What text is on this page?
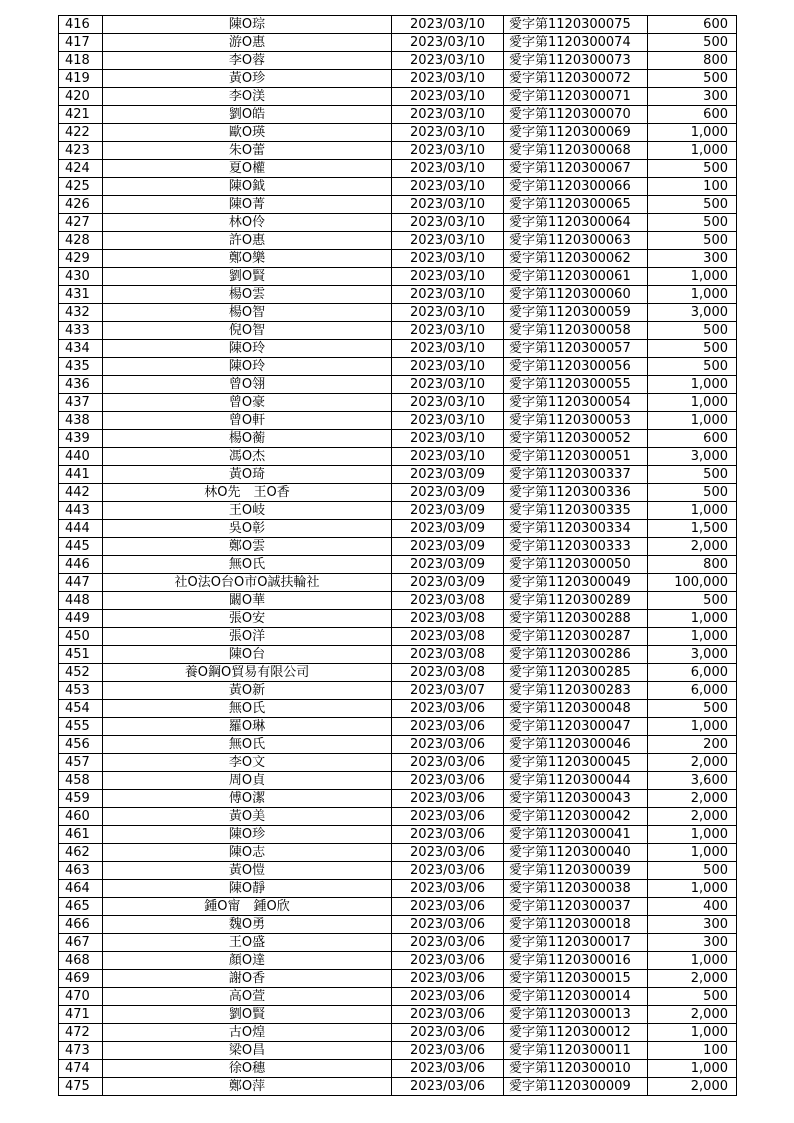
416	陳O琮	2023/03/10	愛字第1120300075	600
417	游O惠	2023/03/10	愛字第1120300074	500
418	李O蓉	2023/03/10	愛字第1120300073	800
419	黃O珍	2023/03/10	愛字第1120300072	500
420	李O渼	2023/03/10	愛字第1120300071	300
421	劉O皓	2023/03/10	愛字第1120300070	600
422	歐O瑛	2023/03/10	愛字第1120300069	1,000
423	朱O蕾	2023/03/10	愛字第1120300068	1,000
424	夏O權	2023/03/10	愛字第1120300067	500
425	陳O鉞	2023/03/10	愛字第1120300066	100
426	陳O菁	2023/03/10	愛字第1120300065	500
427	林O伶	2023/03/10	愛字第1120300064	500
428	許O惠	2023/03/10	愛字第1120300063	500
429	鄭O樂	2023/03/10	愛字第1120300062	300
430	劉O賢	2023/03/10	愛字第1120300061	1,000
431	楊O雲	2023/03/10	愛字第1120300060	1,000
432	楊O智	2023/03/10	愛字第1120300059	3,000
433	倪O智	2023/03/10	愛字第1120300058	500
434	陳O玲	2023/03/10	愛字第1120300057	500
435	陳O玲	2023/03/10	愛字第1120300056	500
436	曾O翎	2023/03/10	愛字第1120300055	1,000
437	曾O豪	2023/03/10	愛字第1120300054	1,000
438	曾O軒	2023/03/10	愛字第1120300053	1,000
439	楊O蘅	2023/03/10	愛字第1120300052	600
440	馮O杰	2023/03/10	愛字第1120300051	3,000
441	黃O琦	2023/03/09	愛字第1120300337	500
442	林O先　王O香	2023/03/09	愛字第1120300336	500
443	王O岐	2023/03/09	愛字第1120300335	1,000
444	吳O彰	2023/03/09	愛字第1120300334	1,500
445	鄭O雲	2023/03/09	愛字第1120300333	2,000
446	無O氏	2023/03/09	愛字第1120300050	800
447	社O法O台O市O誠扶輪社	2023/03/09	愛字第1120300049	100,000
448	闞O華	2023/03/08	愛字第1120300289	500
449	張O安	2023/03/08	愛字第1120300288	1,000
450	張O洋	2023/03/08	愛字第1120300287	1,000
451	陳O台	2023/03/08	愛字第1120300286	3,000
452	養O鋼O貿易有限公司	2023/03/08	愛字第1120300285	6,000
453	黃O新	2023/03/07	愛字第1120300283	6,000
454	無O氏	2023/03/06	愛字第1120300048	500
455	羅O琳	2023/03/06	愛字第1120300047	1,000
456	無O氏	2023/03/06	愛字第1120300046	200
457	李O文	2023/03/06	愛字第1120300045	2,000
458	周O貞	2023/03/06	愛字第1120300044	3,600
459	傅O潔	2023/03/06	愛字第1120300043	2,000
460	黃O美	2023/03/06	愛字第1120300042	2,000
461	陳O珍	2023/03/06	愛字第1120300041	1,000
462	陳O志	2023/03/06	愛字第1120300040	1,000
463	黃O愷	2023/03/06	愛字第1120300039	500
464	陳O靜	2023/03/06	愛字第1120300038	1,000
465	鍾O甯　鍾O欣	2023/03/06	愛字第1120300037	400
466	魏O勇	2023/03/06	愛字第1120300018	300
467	王O盛	2023/03/06	愛字第1120300017	300
468	顏O達	2023/03/06	愛字第1120300016	1,000
469	謝O香	2023/03/06	愛字第1120300015	2,000
470	高O萱	2023/03/06	愛字第1120300014	500
471	劉O賢	2023/03/06	愛字第1120300013	2,000
472	古O煌	2023/03/06	愛字第1120300012	1,000
473	梁O昌	2023/03/06	愛字第1120300011	100
474	徐O穗	2023/03/06	愛字第1120300010	1,000
475	鄭O萍	2023/03/06	愛字第1120300009	2,000
